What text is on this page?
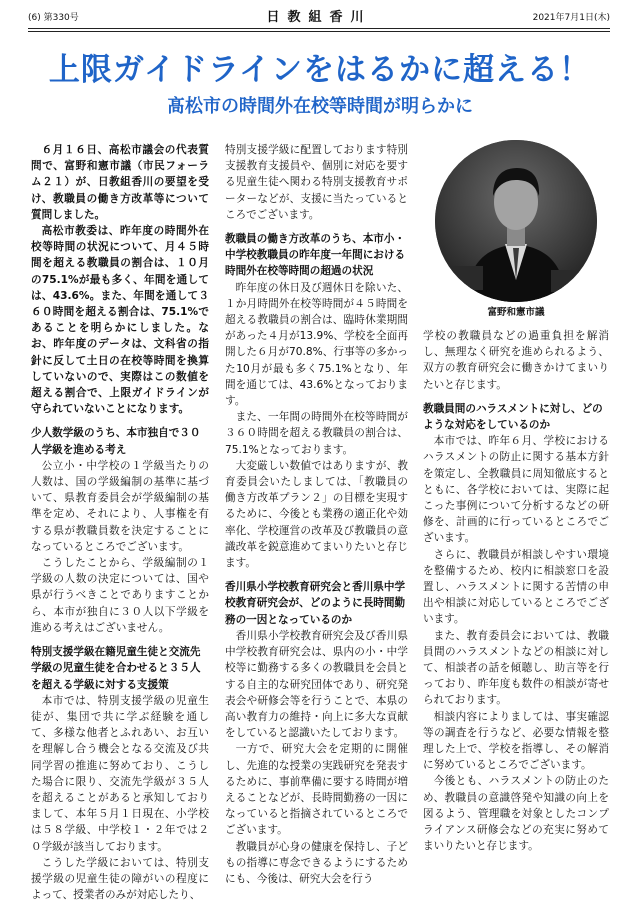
(6) 第330号	日教組香川	2021年7月1日(木)
上限ガイドラインをはるかに超える！
髙松市の時間外在校等時間が明らかに

６月１６日、高松市議会の代表質問で、富野和憲市議（市民フォーラム２１）が、日教組香川の要望を受け、教職員の働き方改革等について質問しました。

高松市教委は、昨年度の時間外在校等時間の状況について、月４５時間を超える教職員の割合は、１０月の75.1%が最も多く、年間を通しては、43.6%。また、年間を通して３６０時間を超える割合は、75.1%であることを明らかにしました。なお、昨年度のデータは、文科省の指針に反して土日の在校等時間を換算していないので、実際はこの数値を超える割合で、上限ガイドラインが守られていないことになります。

少人数学級のうち、本市独自で３０人学級を進める考え

公立小・中学校の１学級当たりの人数は、国の学級編制の基準に基づいて、県教育委員会が学級編制の基準を定め、それにより、人事権を有する県が教職員数を決定することになっているところでございます。

こうしたことから、学級編制の１学級の人数の決定については、国や県が行うべきことでありますことから、本市が独自に３０人以下学級を進める考えはございません。

特別支援学級在籍児童生徒と交流先学級の児童生徒を合わせると３５人を超える学級に対する支援策

本市では、特別支援学級の児童生徒が、集団で共に学ぶ経験を通して、多様な他者とふれあい、お互いを理解し合う機会となる交流及び共同学習の推進に努めており、こうした場合に限り、交流先学級が３５人を超えることがあると承知しておりまして、本年５月１日現在、小学校は５８学級、中学校１・２年では２０学級が該当しております。

こうした学級においては、特別支援学級の児童生徒の障がいの程度によって、授業者のみが対応したり、

特別支援学級に配置しております特別支援教育支援員や、個別に対応を要する児童生徒へ関わる特別支援教育サポーターなどが、支援に当たっているところでございます。

教職員の働き方改革のうち、本市小・中学校教職員の昨年度一年間における時間外在校等時間の超過の状況

昨年度の休日及び週休日を除いた、１か月時間外在校等時間が４５時間を超える教職員の割合は、臨時休業期間があった４月が13.9%、学校を全面再開した６月が70.8%、行事等の多かった10月が最も多く75.1%となり、年間を通じては、43.6%となっております。

また、一年間の時間外在校等時間が３６０時間を超える教職員の割合は、75.1%となっております。

大変厳しい数値ではありますが、教育委員会いたしましては、「教職員の働き方改革プラン２」の目標を実現するために、今後とも業務の適正化や効率化、学校運営の改革及び教職員の意識改革を鋭意進めてまいりたいと存じます。

香川県小学校教育研究会と香川県中学校教育研究会が、どのように長時間勤務の一因となっているのか

香川県小学校教育研究会及び香川県中学校教育研究会は、県内の小・中学校等に勤務する多くの教職員を会員とする自主的な研究団体であり、研究発表会や研修会等を行うことで、本県の高い教育力の維持・向上に多大な貢献をしていると認識いたしております。

一方で、研究大会を定期的に開催し、先進的な授業の実践研究を発表するために、事前準備に要する時間が増えることなどが、長時間勤務の一因になっていると指摘されているところでございます。

教職員が心身の健康を保持し、子どもの指導に専念できるようにするためにも、今後は、研究大会を行う

富野和憲市議

学校の教職員などの過重負担を解消し、無理なく研究を進められるよう、双方の教育研究会に働きかけてまいりたいと存じます。

教職員間のハラスメントに対し、どのような対応をしているのか

本市では、昨年６月、学校におけるハラスメントの防止に関する基本方針を策定し、全教職員に周知徹底するとともに、各学校においては、実際に起こった事例について分析するなどの研修を、計画的に行っているところでございます。

さらに、教職員が相談しやすい環境を整備するため、校内に相談窓口を設置し、ハラスメントに関する苦情の申出や相談に対応しているところでございます。

また、教育委員会においては、教職員間のハラスメントなどの相談に対して、相談者の話を傾聴し、助言等を行っており、昨年度も数件の相談が寄せられております。

相談内容によりましては、事実確認等の調査を行うなど、必要な情報を整理した上で、学校を指導し、その解消に努めているところでございます。

今後とも、ハラスメントの防止のため、教職員の意識啓発や知識の向上を図るよう、管理職を対象としたコンプライアンス研修会などの充実に努めてまいりたいと存じます。
